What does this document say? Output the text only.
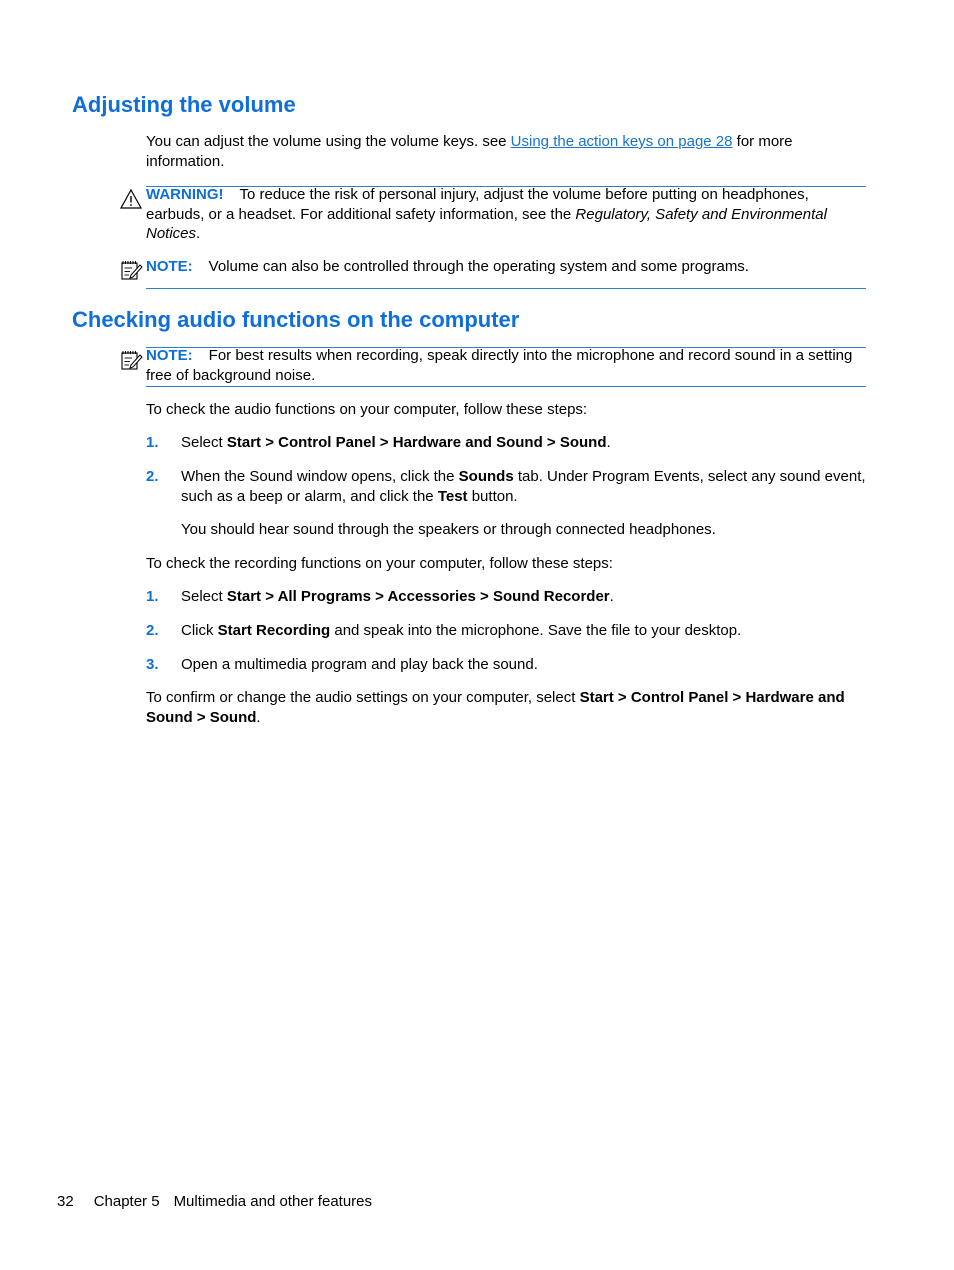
Adjusting the volume
You can adjust the volume using the volume keys. see Using the action keys on page 28 for more information.
WARNING! To reduce the risk of personal injury, adjust the volume before putting on headphones, earbuds, or a headset. For additional safety information, see the Regulatory, Safety and Environmental Notices.
NOTE: Volume can also be controlled through the operating system and some programs.
Checking audio functions on the computer
NOTE: For best results when recording, speak directly into the microphone and record sound in a setting free of background noise.
To check the audio functions on your computer, follow these steps:
1. Select Start > Control Panel > Hardware and Sound > Sound.
2. When the Sound window opens, click the Sounds tab. Under Program Events, select any sound event, such as a beep or alarm, and click the Test button.
You should hear sound through the speakers or through connected headphones.
To check the recording functions on your computer, follow these steps:
1. Select Start > All Programs > Accessories > Sound Recorder.
2. Click Start Recording and speak into the microphone. Save the file to your desktop.
3. Open a multimedia program and play back the sound.
To confirm or change the audio settings on your computer, select Start > Control Panel > Hardware and Sound > Sound.
32 Chapter 5 Multimedia and other features
